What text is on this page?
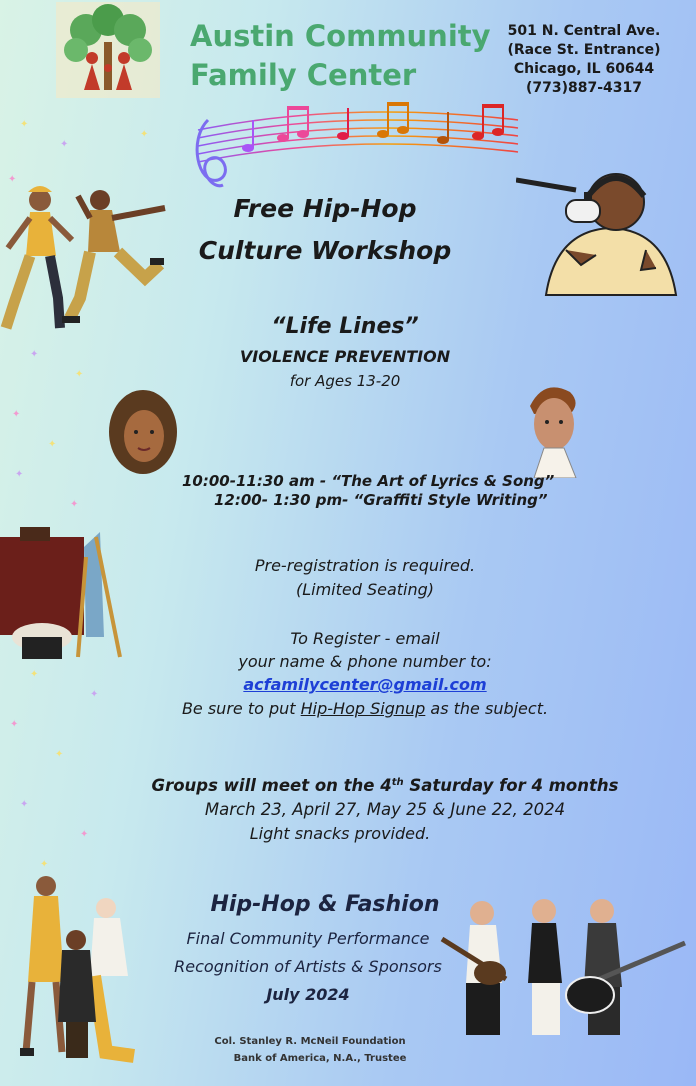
✦
✦
✦
✦
✦
✦
✦
✦
✦
✦
✦
✦
✦
✦
✦
✦
✦
Austin Community
Family Center
501 N. Central Ave.
(Race St. Entrance)
Chicago, IL 60644
(773)887-4317
Free Hip-Hop
Culture Workshop
“Life Lines”
VIOLENCE PREVENTION
for Ages 13-20
10:00-11:30 am - “The Art of Lyrics & Song”
12:00- 1:30 pm- “Graffiti Style Writing”
Pre-registration is required.
(Limited Seating)
To Register - email
your name & phone number to:
acfamilycenter@gmail.com
Be sure to put Hip-Hop Signup as the subject.
Groups will meet on the 4th Saturday for 4 months
March 23, April 27, May 25 & June 22, 2024
Light snacks provided.
Hip-Hop & Fashion
Final Community Performance
Recognition of Artists & Sponsors
July 2024
Col. Stanley R. McNeil Foundation
Bank of America, N.A., Trustee
